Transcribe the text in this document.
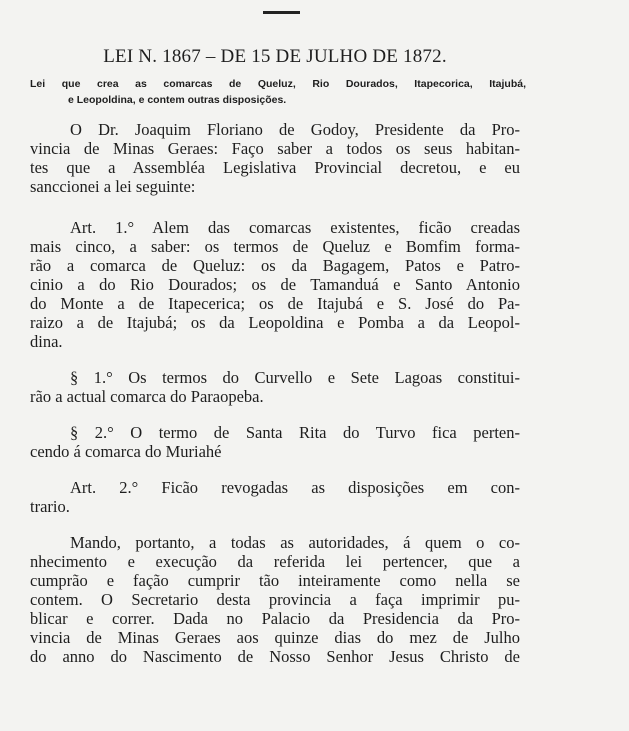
LEI N. 1867 – DE 15 DE JULHO DE 1872.
Lei que crea as comarcas de Queluz, Rio Dourados, Itapecorica, Itajubá,
e Leopoldina, e contem outras disposições.
O Dr. Joaquim Floriano de Godoy, Presidente da Pro-
vincia de Minas Geraes: Faço saber a todos os seus habitan-
tes que a Assembléa Legislativa Provincial decretou, e eu
sanccionei a lei seguinte:
Art. 1.° Alem das comarcas existentes, ficão creadas
mais cinco, a saber: os termos de Queluz e Bomfim forma-
rão a comarca de Queluz: os da Bagagem, Patos e Patro-
cinio a do Rio Dourados; os de Tamanduá e Santo Antonio
do Monte a de Itapecerica; os de Itajubá e S. José do Pa-
raizo a de Itajubá; os da Leopoldina e Pomba a da Leopol-
dina.
§ 1.° Os termos do Curvello e Sete Lagoas constitui-
rão a actual comarca do Paraopeba.
§ 2.° O termo de Santa Rita do Turvo fica perten-
cendo á comarca do Muriahé
Art. 2.° Ficão revogadas as disposições em con-
trario.
Mando, portanto, a todas as autoridades, á quem o co-
nhecimento e execução da referida lei pertencer, que a
cumprão e fação cumprir tão inteiramente como nella se
contem. O Secretario desta provincia a faça imprimir pu-
blicar e correr. Dada no Palacio da Presidencia da Pro-
vincia de Minas Geraes aos quinze dias do mez de Julho
do anno do Nascimento de Nosso Senhor Jesus Christo de
